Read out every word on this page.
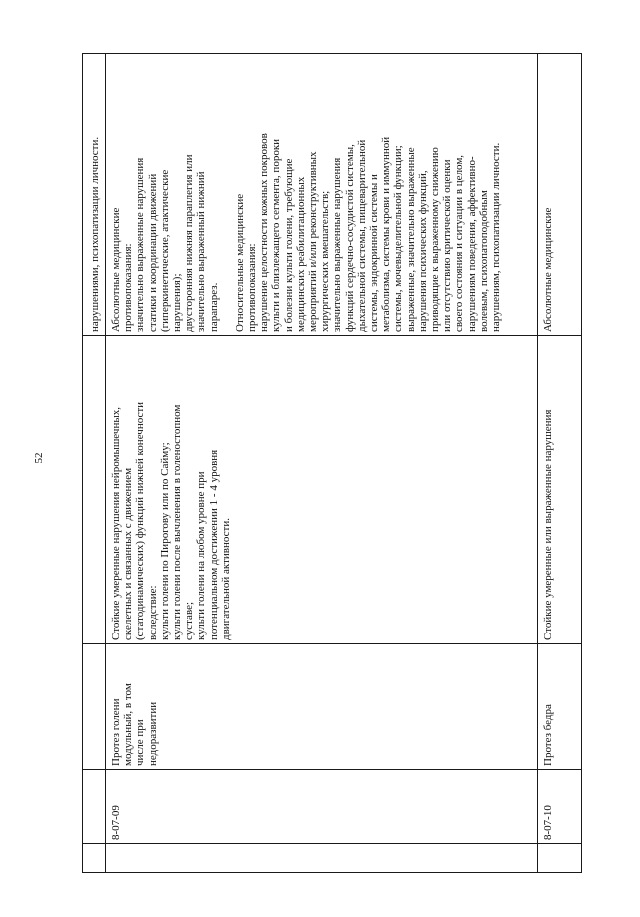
52
нарушениями, психопатизации личности.
8-07-09
Протез голени модульный, в том числе при недоразвитии
Стойкие умеренные нарушения нейромышечных, скелетных и связанных с движением (статодинамических) функций нижней конечности вследствие: культи голени по Пирогову или по Сайму; культи голени после вычленения в голеностопном суставе; культи голени на любом уровне при потенциальном достижении 1 - 4 уровня двигательной активности.
Абсолютные медицинские противопоказания: значительно выраженные нарушения статики и координации движений (гиперкинетические, атактические нарушения); двусторонняя нижняя параплегия или значительно выраженный нижний парапарез. Относительные медицинские противопоказания: нарушение целостности кожных покровов культи и близлежащего сегмента, пороки и болезни культи голени, требующие медицинских реабилитационных мероприятий и/или реконструктивных хирургических вмешательств; значительно выраженные нарушения функций сердечно-сосудистой системы, дыхательной системы, пищеварительной системы, эндокринной системы и метаболизма, системы крови и иммунной системы, мочевыделительной функции; выраженные, значительно выраженные нарушения психических функций, приводящие к выраженному снижению или отсутствию критической оценки своего состояния и ситуации в целом, нарушениям поведения, аффективно- волевым, психопатоподобным нарушениям, психопатизации личности.
8-07-10
Протез бедра
Стойкие умеренные или выраженные нарушения
Абсолютные медицинские
